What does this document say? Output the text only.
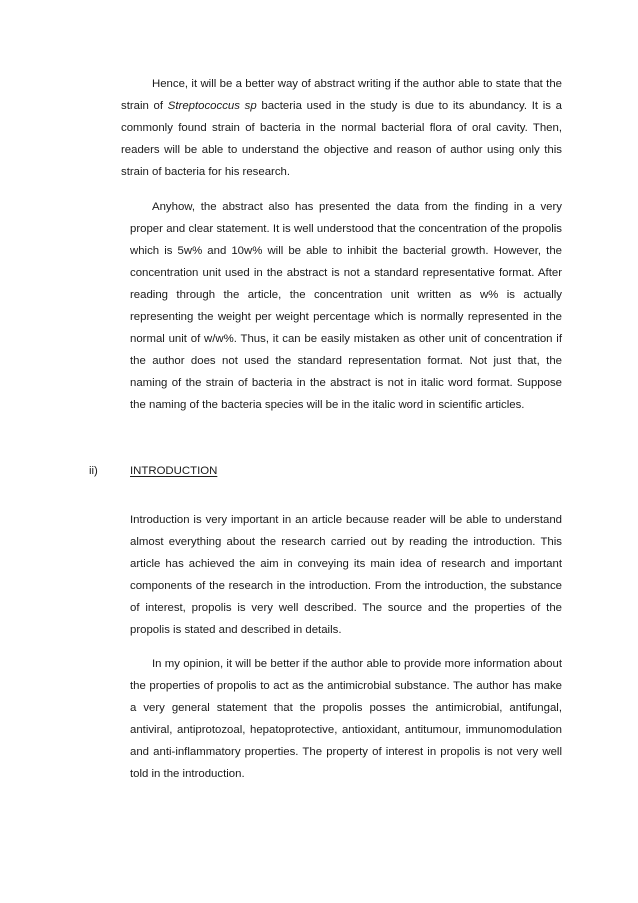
Hence, it will be a better way of abstract writing if the author able to state that the strain of Streptococcus sp bacteria used in the study is due to its abundancy. It is a commonly found strain of bacteria in the normal bacterial flora of oral cavity. Then, readers will be able to understand the objective and reason of author using only this strain of bacteria for his research.

Anyhow, the abstract also has presented the data from the finding in a very proper and clear statement. It is well understood that the concentration of the propolis which is 5w% and 10w% will be able to inhibit the bacterial growth. However, the concentration unit used in the abstract is not a standard representative format. After reading through the article, the concentration unit written as w% is actually representing the weight per weight percentage which is normally represented in the normal unit of w/w%. Thus, it can be easily mistaken as other unit of concentration if the author does not used the standard representation format. Not just that, the naming of the strain of bacteria in the abstract is not in italic word format. Suppose the naming of the bacteria species will be in the italic word in scientific articles.

ii)	INTRODUCTION

Introduction is very important in an article because reader will be able to understand almost everything about the research carried out by reading the introduction. This article has achieved the aim in conveying its main idea of research and important components of the research in the introduction. From the introduction, the substance of interest, propolis is very well described. The source and the properties of the propolis is stated and described in details.

In my opinion, it will be better if the author able to provide more information about the properties of propolis to act as the antimicrobial substance. The author has make a very general statement that the propolis posses the antimicrobial, antifungal, antiviral, antiprotozoal, hepatoprotective, antioxidant, antitumour, immunomodulation and anti-inflammatory properties. The property of interest in propolis is not very well told in the introduction.
